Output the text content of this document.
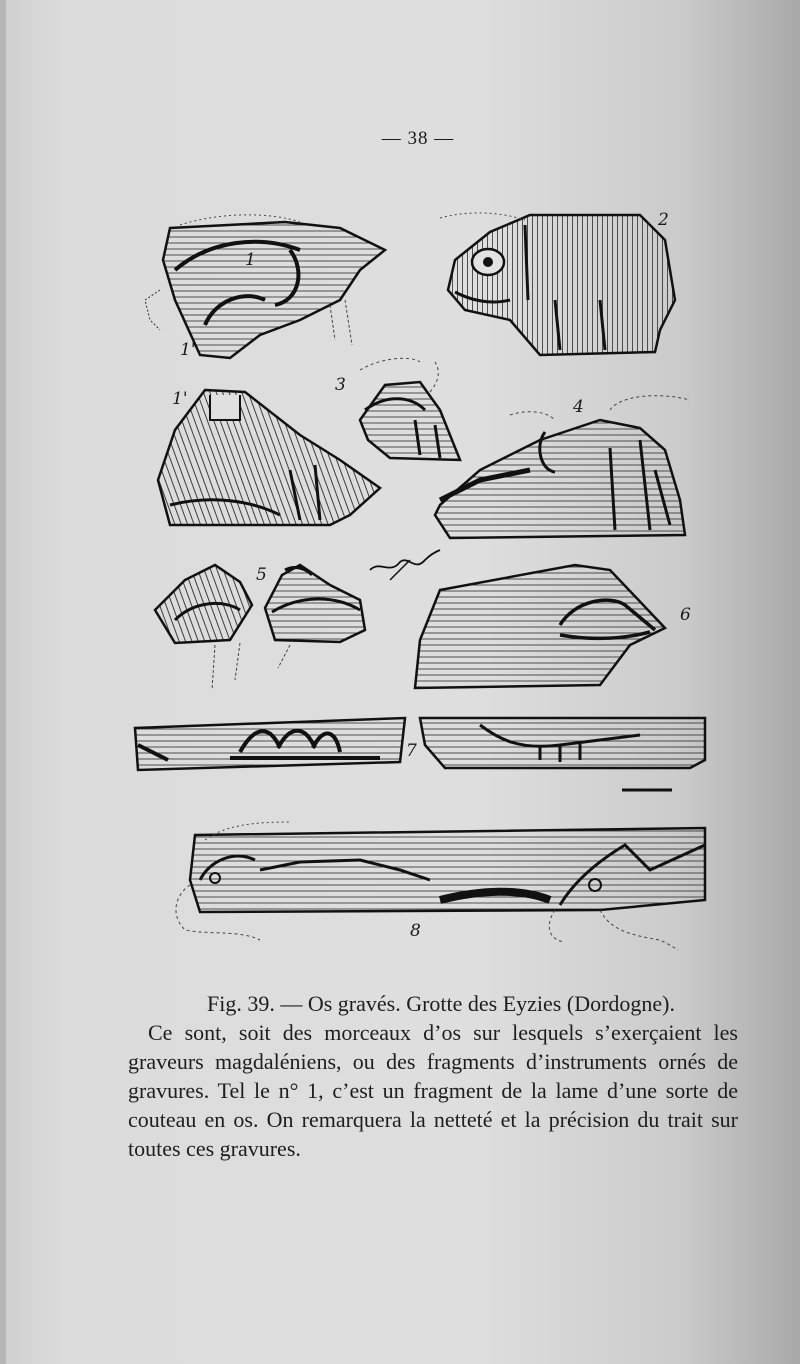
— 38 —
1'
1
2
1'
3
4
5
6
7
8
Fig. 39. — Os gravés. Grotte des Eyzies (Dordogne).
Ce sont, soit des morceaux d’os sur lesquels s’exerçaient les graveurs magdaléniens, ou des fragments d’instruments ornés de gravures. Tel le n° 1, c’est un fragment de la lame d’une sorte de couteau en os. On remarquera la netteté et la précision du trait sur toutes ces gravures.
